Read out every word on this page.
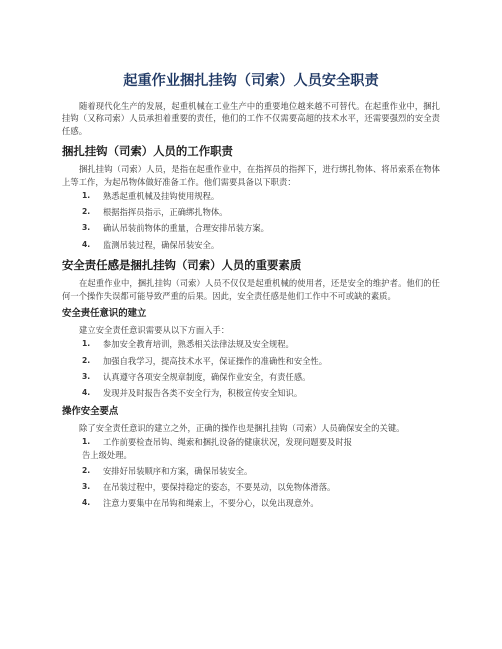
起重作业捆扎挂钩（司索）人员安全职责

随着现代化生产的发展，起重机械在工业生产中的重要地位越来越不可替代。在起重作业中，捆扎挂钩（又称司索）人员承担着重要的责任，他们的工作不仅需要高超的技术水平，还需要强烈的安全责任感。

捆扎挂钩（司索）人员的工作职责

捆扎挂钩（司索）人员，是指在起重作业中，在指挥员的指挥下，进行绑扎物体、将吊索系在物体上等工作，为起吊物体做好准备工作。他们需要具备以下职责：

1. 熟悉起重机械及挂钩使用规程。
2. 根据指挥员指示，正确绑扎物体。
3. 确认吊装前物体的重量，合理安排吊装方案。
4. 监测吊装过程，确保吊装安全。
安全责任感是捆扎挂钩（司索）人员的重要素质

在起重作业中，捆扎挂钩（司索）人员不仅仅是起重机械的使用者，还是安全的维护者。他们的任何一个操作失误都可能导致严重的后果。因此，安全责任感是他们工作中不可或缺的素质。

安全责任意识的建立

建立安全责任意识需要从以下方面入手：

1. 参加安全教育培训，熟悉相关法律法规及安全规程。
2. 加强自我学习，提高技术水平，保证操作的准确性和安全性。
3. 认真遵守各项安全规章制度，确保作业安全，有责任感。
4. 发现并及时报告各类不安全行为，积极宣传安全知识。
操作安全要点

除了安全责任意识的建立之外，正确的操作也是捆扎挂钩（司索）人员确保安全的关键。

1. 工作前要检查吊钩、绳索和捆扎设备的健康状况，发现问题要及时报
告上级处理。
2. 安排好吊装顺序和方案，确保吊装安全。
3. 在吊装过程中，要保持稳定的姿态，不要晃动，以免物体滑落。
4. 注意力要集中在吊钩和绳索上，不要分心，以免出现意外。
